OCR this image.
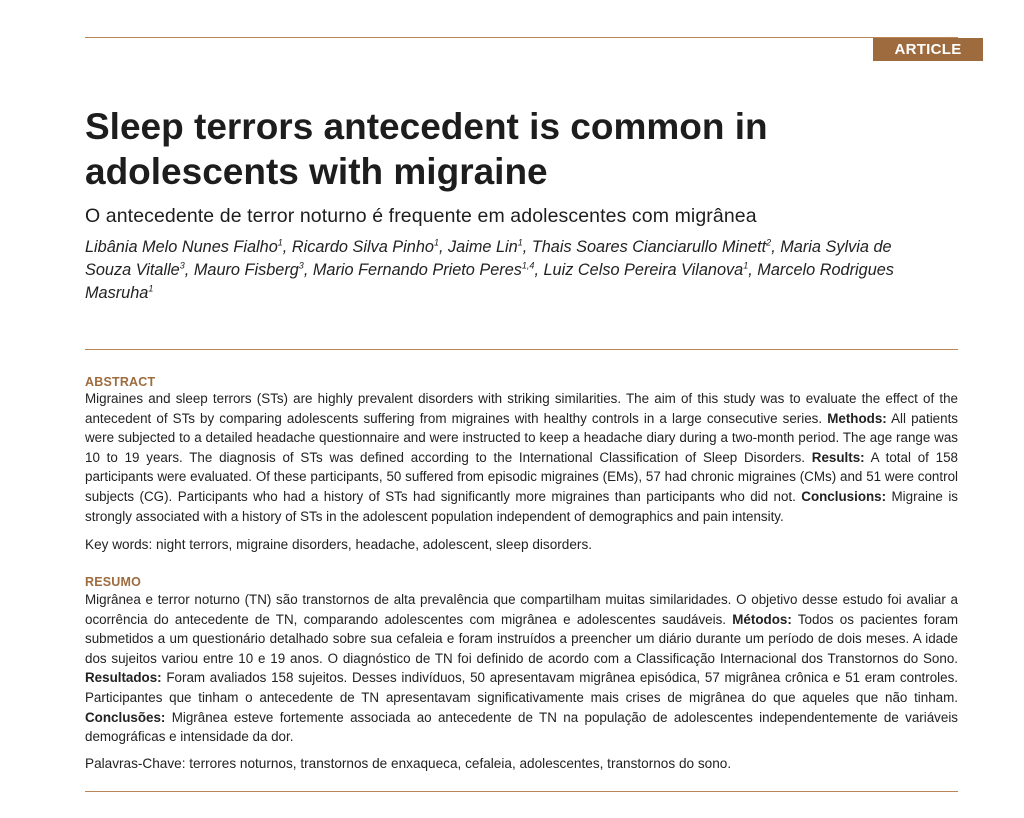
ARTICLE
Sleep terrors antecedent is common in
adolescents with migraine
O antecedente de terror noturno é frequente em adolescentes com migrânea
Libânia Melo Nunes Fialho$^1$, Ricardo Silva Pinho$^1$, Jaime Lin$^1$, Thais Soares Cianciarullo Minett$^2$, Maria Sylvia de Souza Vitalle$^3$, Mauro Fisberg$^3$, Mario Fernando Prieto Peres$^{1,4}$, Luiz Celso Pereira Vilanova$^1$, Marcelo Rodrigues Masruha$^1$
ABSTRACT
Migraines and sleep terrors (STs) are highly prevalent disorders with striking similarities. The aim of this study was to evaluate the effect of the antecedent of STs by comparing adolescents suffering from migraines with healthy controls in a large consecutive series. Methods: All patients were subjected to a detailed headache questionnaire and were instructed to keep a headache diary during a two-month period. The age range was 10 to 19 years. The diagnosis of STs was defined according to the International Classification of Sleep Disorders. Results: A total of 158 participants were evaluated. Of these participants, 50 suffered from episodic migraines (EMs), 57 had chronic migraines (CMs) and 51 were control subjects (CG). Participants who had a history of STs had significantly more migraines than participants who did not. Conclusions: Migraine is strongly associated with a history of STs in the adolescent population independent of demographics and pain intensity.
Key words: night terrors, migraine disorders, headache, adolescent, sleep disorders.
RESUMO
Migrânea e terror noturno (TN) são transtornos de alta prevalência que compartilham muitas similaridades. O objetivo desse estudo foi avaliar a ocorrência do antecedente de TN, comparando adolescentes com migrânea e adolescentes saudáveis. Métodos: Todos os pacientes foram submetidos a um questionário detalhado sobre sua cefaleia e foram instruídos a preencher um diário durante um período de dois meses. A idade dos sujeitos variou entre 10 e 19 anos. O diagnóstico de TN foi definido de acordo com a Classificação Internacional dos Transtornos do Sono. Resultados: Foram avaliados 158 sujeitos. Desses indivíduos, 50 apresentavam migrânea episódica, 57 migrânea crônica e 51 eram controles. Participantes que tinham o antecedente de TN apresentavam significativamente mais crises de migrânea do que aqueles que não tinham. Conclusões: Migrânea esteve fortemente associada ao antecedente de TN na população de adolescentes independentemente de variáveis demográficas e intensidade da dor.
Palavras-Chave: terrores noturnos, transtornos de enxaqueca, cefaleia, adolescentes, transtornos do sono.
